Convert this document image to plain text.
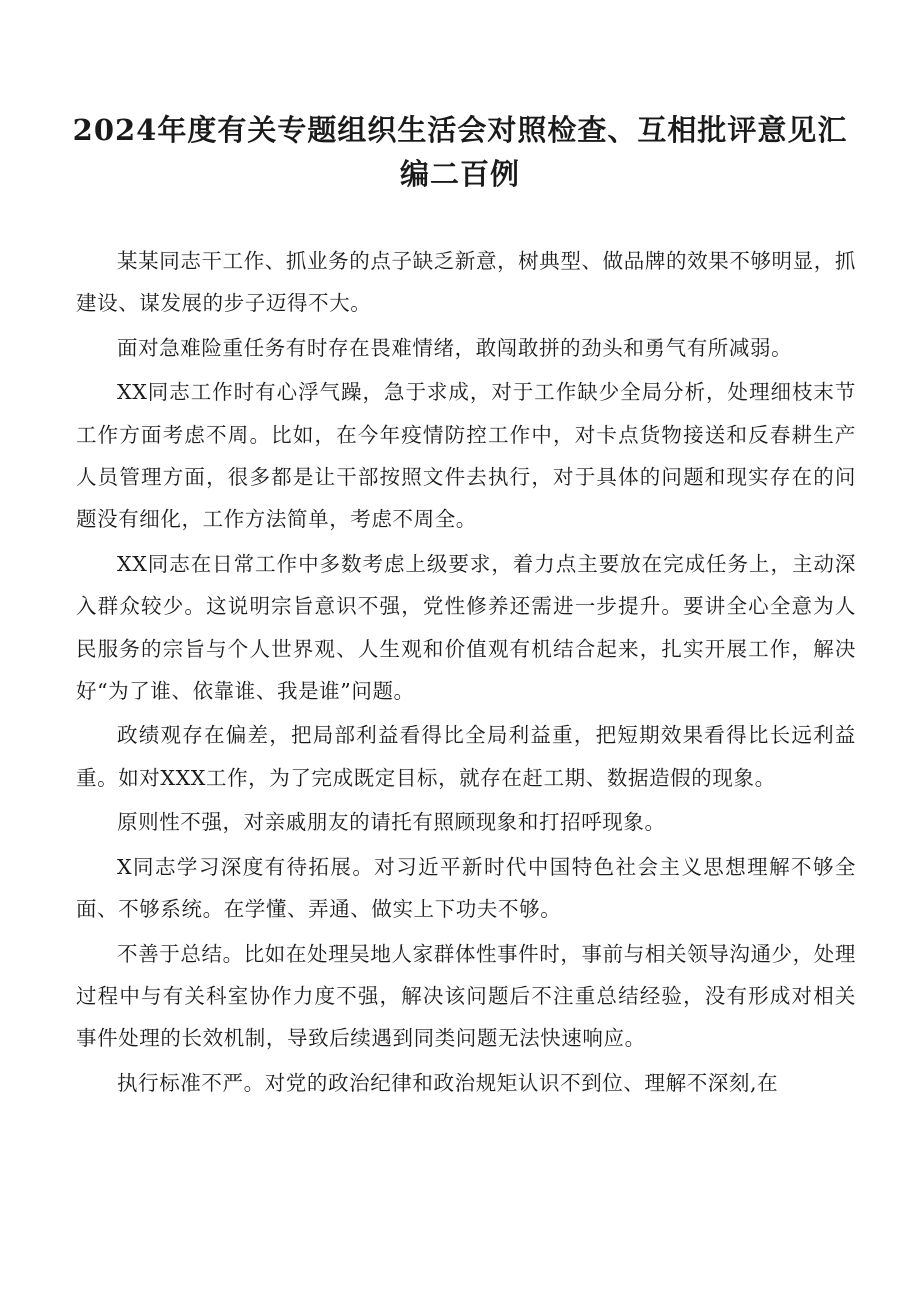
2024年度有关专题组织生活会对照检查、互相批评意见汇编二百例

某某同志干工作、抓业务的点子缺乏新意，树典型、做品牌的效果不够明显，抓建设、谋发展的步子迈得不大。

面对急难险重任务有时存在畏难情绪，敢闯敢拼的劲头和勇气有所减弱。

XX同志工作时有心浮气躁，急于求成，对于工作缺少全局分析，处理细枝末节工作方面考虑不周。比如，在今年疫情防控工作中，对卡点货物接送和反春耕生产人员管理方面，很多都是让干部按照文件去执行，对于具体的问题和现实存在的问题没有细化，工作方法简单，考虑不周全。

XX同志在日常工作中多数考虑上级要求，着力点主要放在完成任务上，主动深入群众较少。这说明宗旨意识不强，党性修养还需进一步提升。要讲全心全意为人民服务的宗旨与个人世界观、人生观和价值观有机结合起来，扎实开展工作，解决好“为了谁、依靠谁、我是谁”问题。

政绩观存在偏差，把局部利益看得比全局利益重，把短期效果看得比长远利益重。如对XXX工作，为了完成既定目标，就存在赶工期、数据造假的现象。

原则性不强，对亲戚朋友的请托有照顾现象和打招呼现象。

X同志学习深度有待拓展。对习近平新时代中国特色社会主义思想理解不够全面、不够系统。在学懂、弄通、做实上下功夫不够。

不善于总结。比如在处理吴地人家群体性事件时，事前与相关领导沟通少，处理过程中与有关科室协作力度不强，解决该问题后不注重总结经验，没有形成对相关事件处理的长效机制，导致后续遇到同类问题无法快速响应。

执行标准不严。对党的政治纪律和政治规矩认识不到位、理解不深刻,在
